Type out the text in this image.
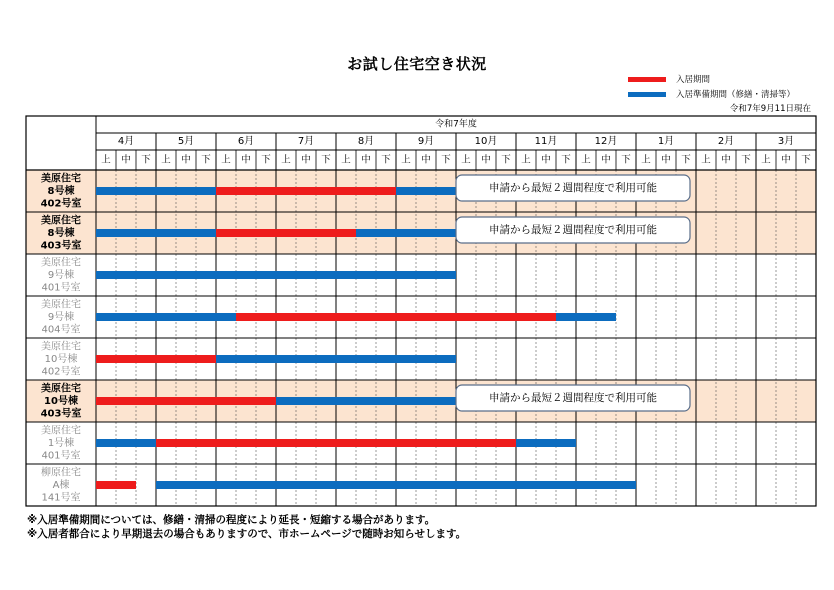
お試し住宅空き状況
入居期間
入居準備期間（修繕・清掃等）
令和7年9月11日現在
令和7年度
4月
上 中 下
5月
上 中 下
6月
上 中 下
7月
上 中 下
8月
上 中 下
9月
上 中 下
10月
上 中 下
11月
上 中 下
12月
上 中 下
1月
上 中 下
2月
上 中 下
3月
上 中 下
美原住宅
8号棟
402号室
申請から最短２週間程度で利用可能
美原住宅
8号棟
403号室
申請から最短２週間程度で利用可能
美原住宅
9号棟
401号室
美原住宅
9号棟
404号室
美原住宅
10号棟
402号室
美原住宅
10号棟
403号室
申請から最短２週間程度で利用可能
美原住宅
1号棟
401号室
柳原住宅
A棟
141号室
※入居準備期間については、修繕・清掃の程度により延長・短縮する場合があります。
※入居者都合により早期退去の場合もありますので、市ホームページで随時お知らせします。
